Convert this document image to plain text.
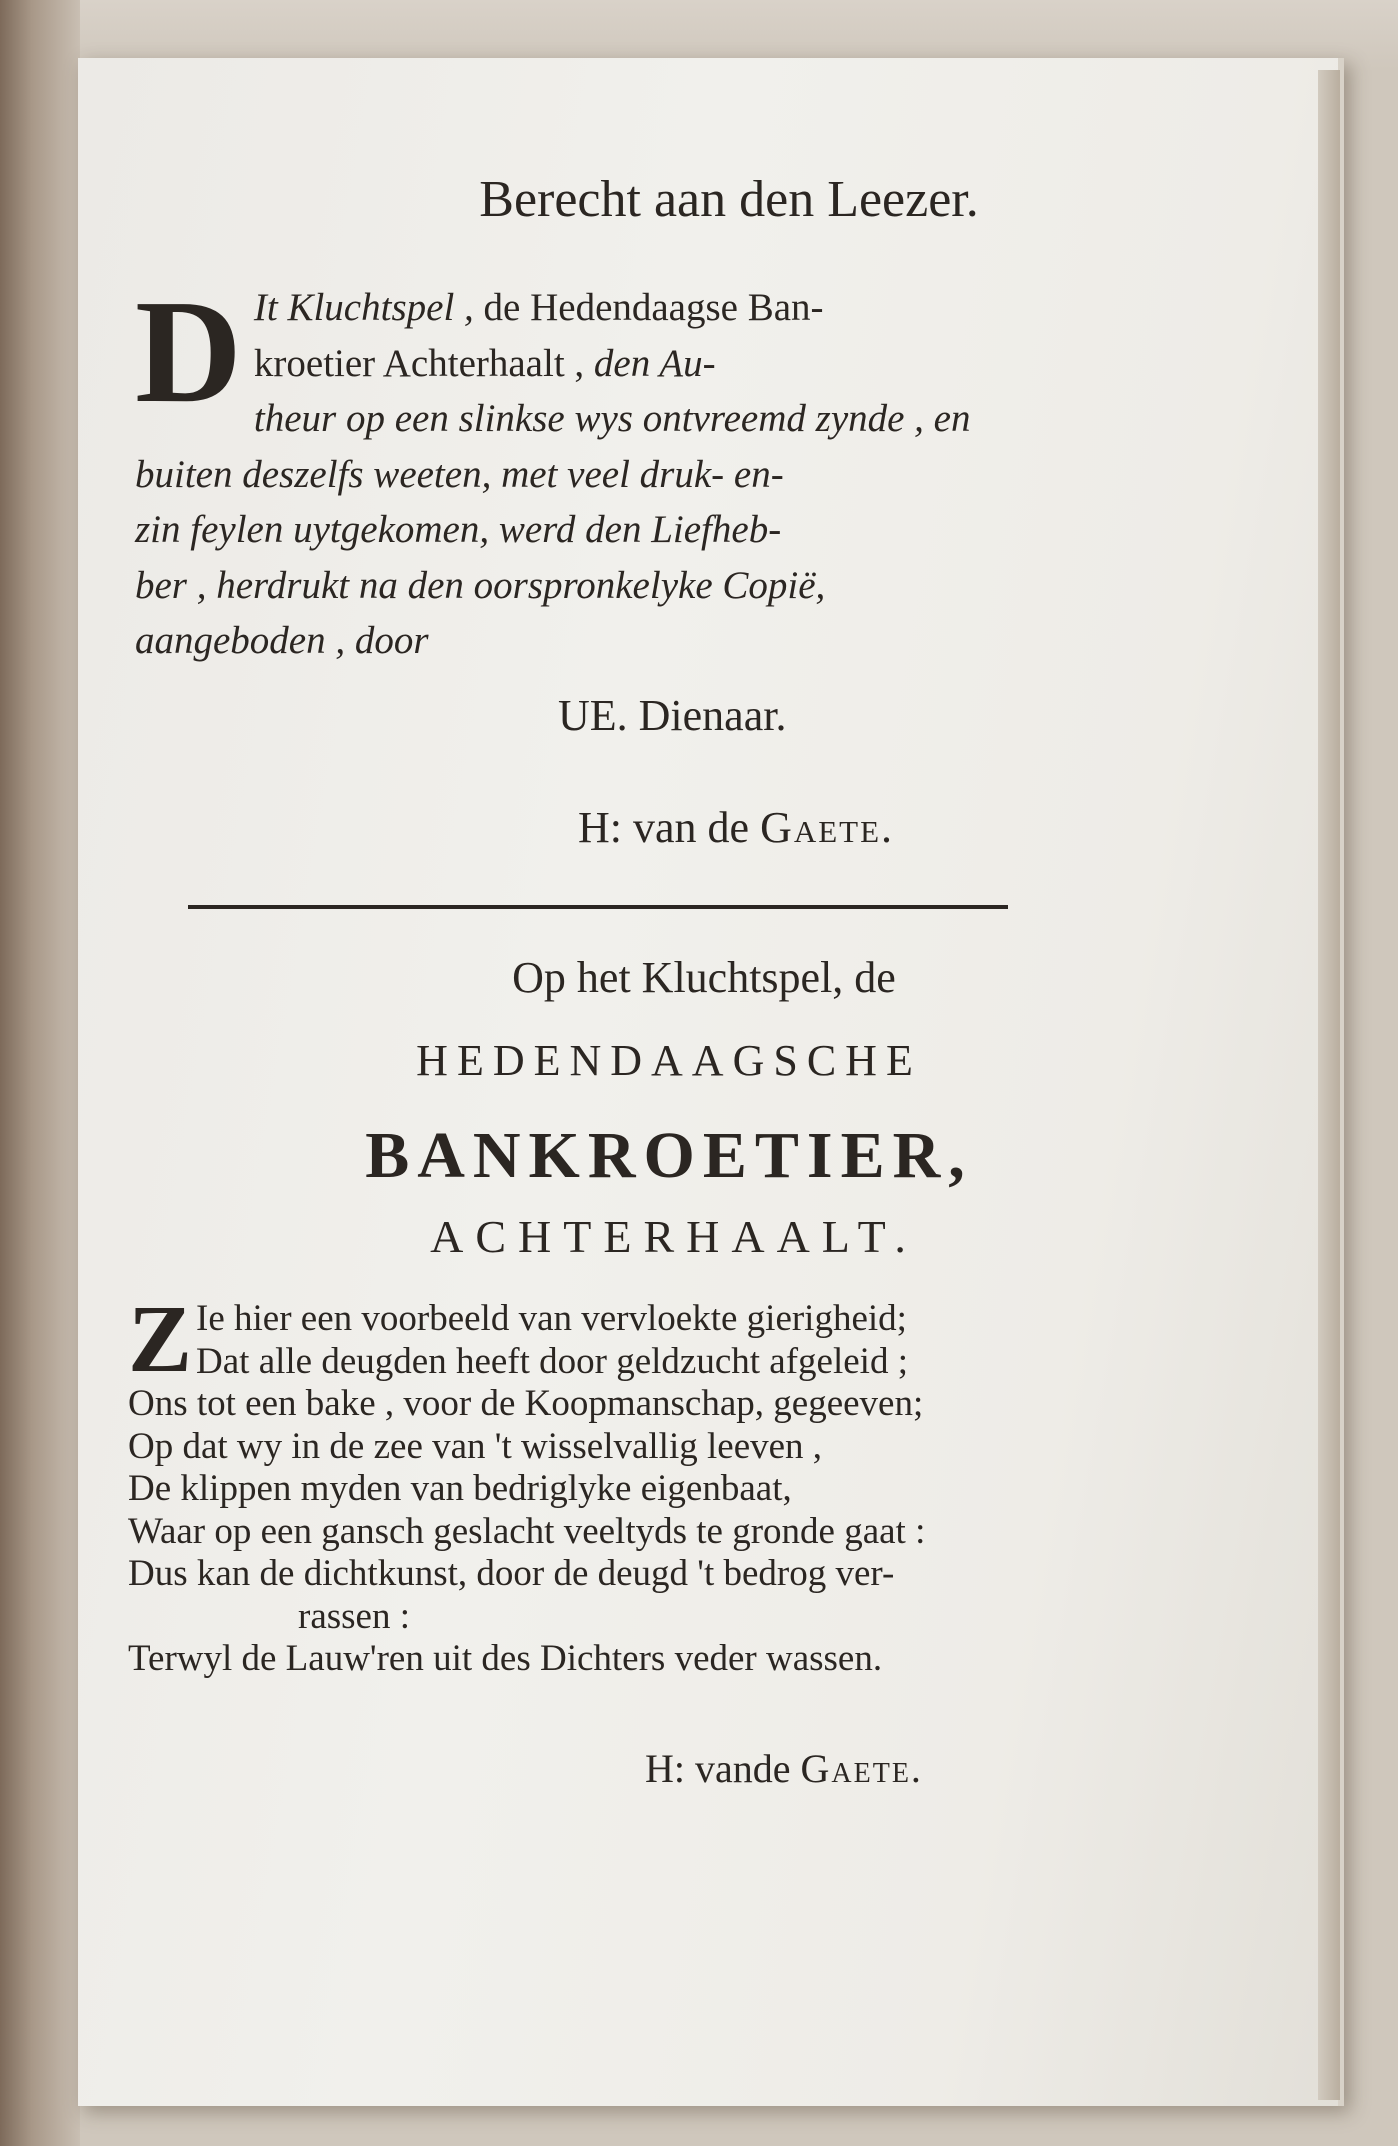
Berecht aan den Leezer.
D It Kluchtspel , de Hedendaagse Ban-
kroetier Achterhaalt , den Au-
theur op een slinkse wys ontvreemd zynde , en
buiten deszelfs weeten, met veel druk- en-
zin feylen uytgekomen, werd den Liefheb-
ber , herdrukt na den oorspronkelyke Copië,
aangeboden , door

UE. Dienaar.

H: van de Gaete.

Op het Kluchtspel, de
HEDENDAAGSCHE
BANKROETIER,
ACHTERHAALT.
Z Ie hier een voorbeeld van vervloekte gierigheid;
Dat alle deugden heeft door geldzucht afgeleid ;
Ons tot een bake , voor de Koopmanschap, gegeeven;
Op dat wy in de zee van 't wisselvallig leeven ,
De klippen myden van bedriglyke eigenbaat,
Waar op een gansch geslacht veeltyds te gronde gaat :
Dus kan de dichtkunst, door de deugd 't bedrog ver-
rassen :
Terwyl de Lauw'ren uit des Dichters veder wassen.

H: vande Gaete.
